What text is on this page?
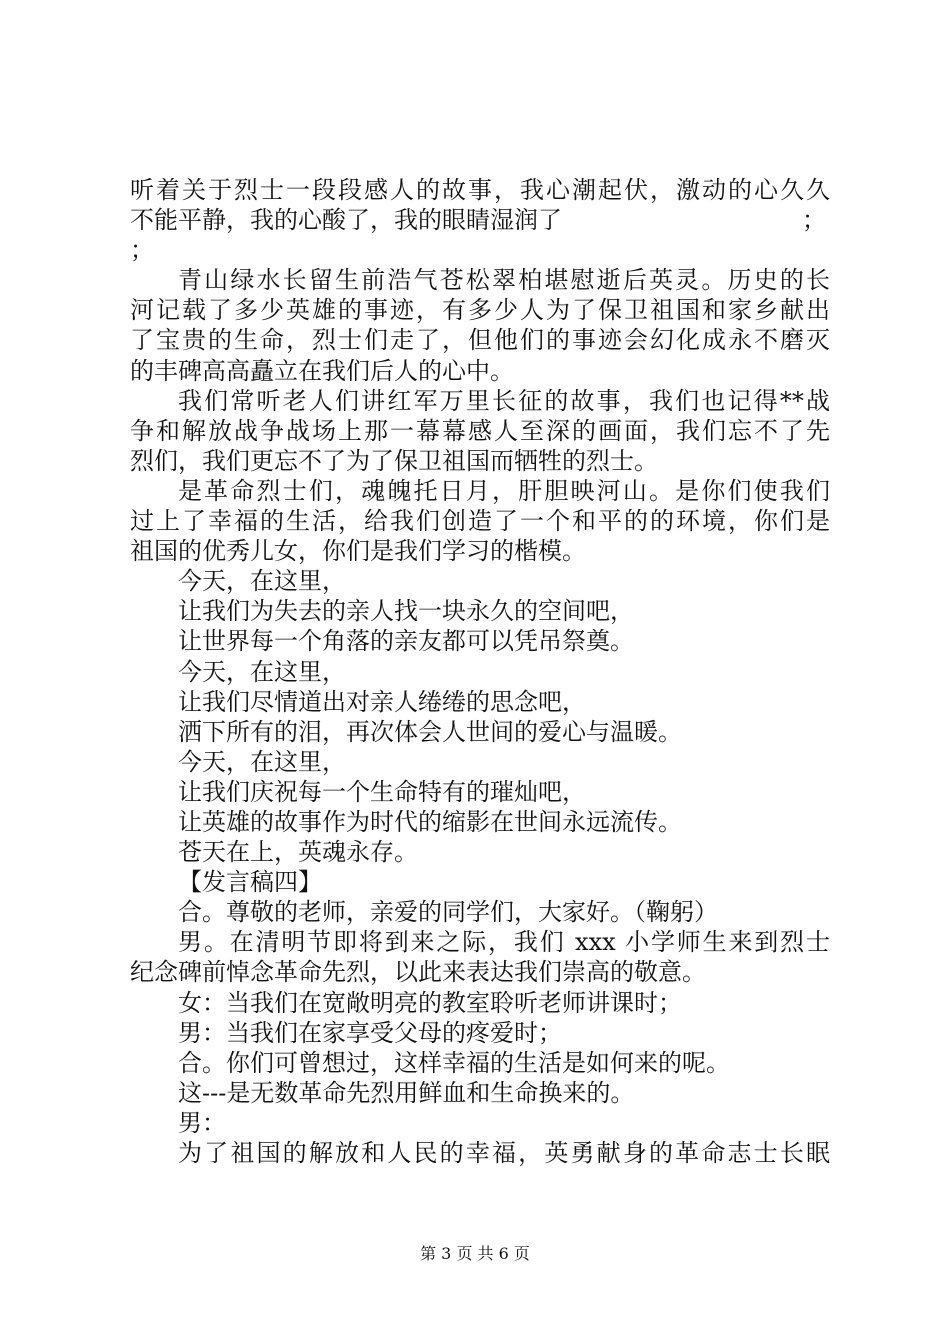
听着关于烈士一段段感人的故事，我心潮起伏，激动的心久久
不能平静，我的心酸了，我的眼睛湿润了	；
；
青山绿水长留生前浩气苍松翠柏堪慰逝后英灵。历史的长
河记载了多少英雄的事迹，有多少人为了保卫祖国和家乡献出
了宝贵的生命，烈士们走了，但他们的事迹会幻化成永不磨灭
的丰碑高高矗立在我们后人的心中。
我们常听老人们讲红军万里长征的故事，我们也记得**战
争和解放战争战场上那一幕幕感人至深的画面，我们忘不了先
烈们，我们更忘不了为了保卫祖国而牺牲的烈士。
是革命烈士们，魂魄托日月，肝胆映河山。是你们使我们
过上了幸福的生活，给我们创造了一个和平的的环境，你们是
祖国的优秀儿女，你们是我们学习的楷模。
今天，在这里，
让我们为失去的亲人找一块永久的空间吧，
让世界每一个角落的亲友都可以凭吊祭奠。
今天，在这里，
让我们尽情道出对亲人绻绻的思念吧，
洒下所有的泪，再次体会人世间的爱心与温暖。
今天，在这里，
让我们庆祝每一个生命特有的璀灿吧，
让英雄的故事作为时代的缩影在世间永远流传。
苍天在上，英魂永存。
【发言稿四】
合。尊敬的老师，亲爱的同学们，大家好。（鞠躬）
男。在清明节即将到来之际，我们 xxx 小学师生来到烈士
纪念碑前悼念革命先烈，以此来表达我们崇高的敬意。
女：当我们在宽敞明亮的教室聆听老师讲课时；
男：当我们在家享受父母的疼爱时；
合。你们可曾想过，这样幸福的生活是如何来的呢。
这---是无数革命先烈用鲜血和生命换来的。
男：
为了祖国的解放和人民的幸福，英勇献身的革命志士长眠
第 3 页 共 6 页
